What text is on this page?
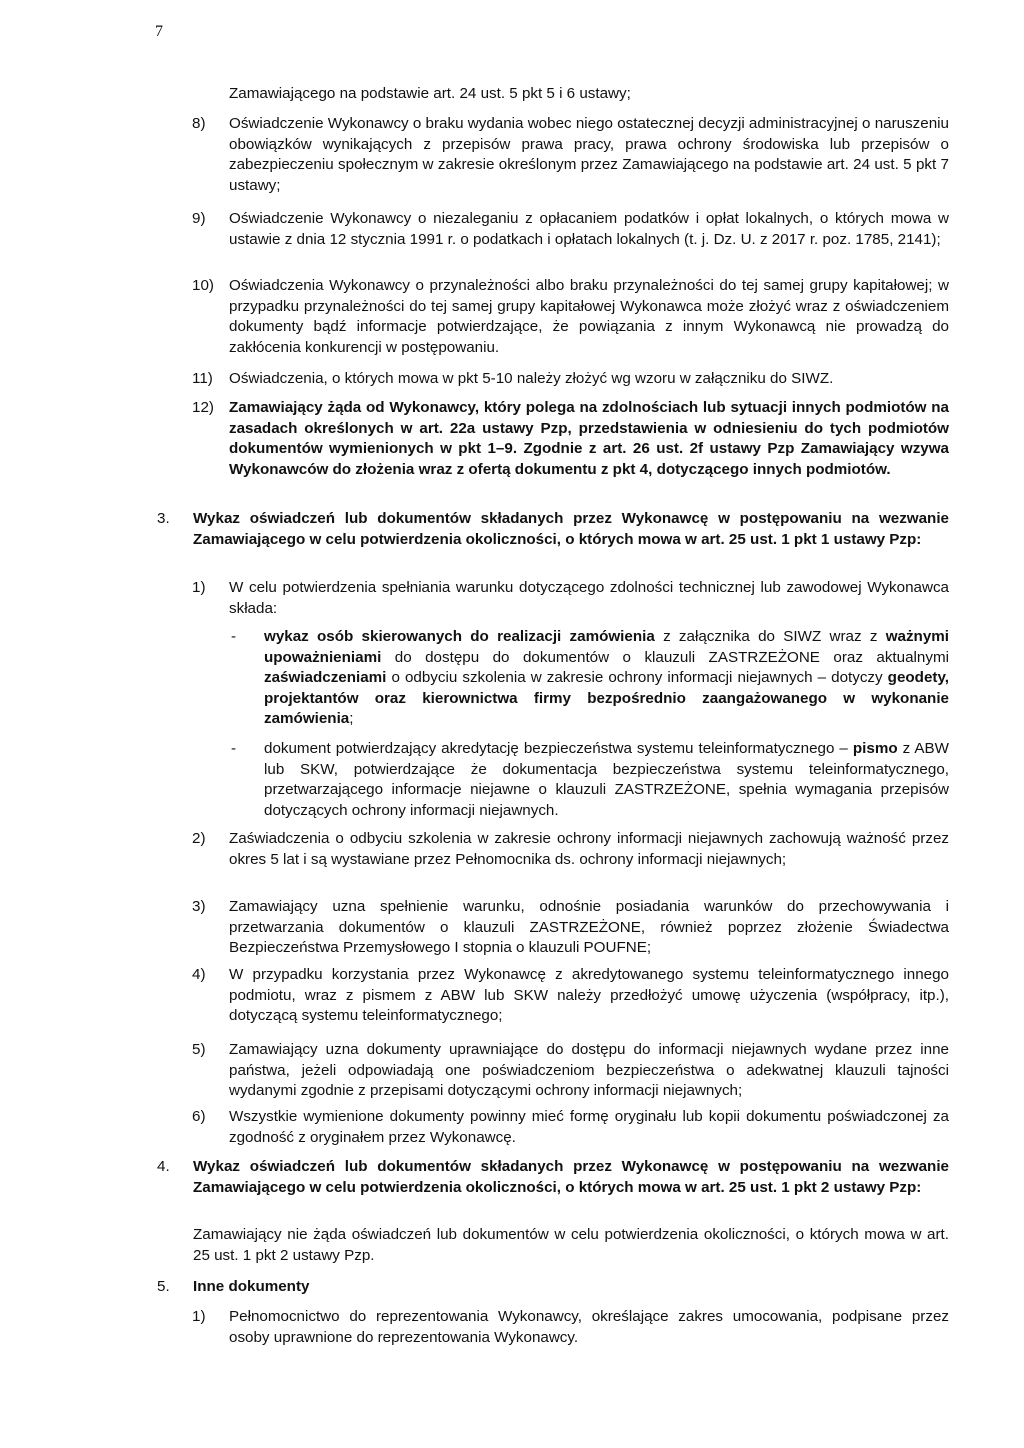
7

Zamawiającego na podstawie art. 24 ust. 5 pkt 5 i 6 ustawy;

8) Oświadczenie Wykonawcy o braku wydania wobec niego ostatecznej decyzji administracyjnej o naruszeniu obowiązków wynikających z przepisów prawa pracy, prawa ochrony środowiska lub przepisów o zabezpieczeniu społecznym w zakresie określonym przez Zamawiającego na podstawie art. 24 ust. 5 pkt 7 ustawy;

9) Oświadczenie Wykonawcy o niezaleganiu z opłacaniem podatków i opłat lokalnych, o których mowa w ustawie z dnia 12 stycznia 1991 r. o podatkach i opłatach lokalnych (t. j. Dz. U. z 2017 r. poz. 1785, 2141);

10) Oświadczenia Wykonawcy o przynależności albo braku przynależności do tej samej grupy kapitałowej; w przypadku przynależności do tej samej grupy kapitałowej Wykonawca może złożyć wraz z oświadczeniem dokumenty bądź informacje potwierdzające, że powiązania z innym Wykonawcą nie prowadzą do zakłócenia konkurencji w postępowaniu.

11) Oświadczenia, o których mowa w pkt 5-10 należy złożyć wg wzoru w załączniku do SIWZ.

12) Zamawiający żąda od Wykonawcy, który polega na zdolnościach lub sytuacji innych podmiotów na zasadach określonych w art. 22a ustawy Pzp, przedstawienia w odniesieniu do tych podmiotów dokumentów wymienionych w pkt 1–9. Zgodnie z art. 26 ust. 2f ustawy Pzp Zamawiający wzywa Wykonawców do złożenia wraz z ofertą dokumentu z pkt 4, dotyczącego innych podmiotów.

3. Wykaz oświadczeń lub dokumentów składanych przez Wykonawcę w postępowaniu na wezwanie Zamawiającego w celu potwierdzenia okoliczności, o których mowa w art. 25 ust. 1 pkt 1 ustawy Pzp:

1) W celu potwierdzenia spełniania warunku dotyczącego zdolności technicznej lub zawodowej Wykonawca składa:

- wykaz osób skierowanych do realizacji zamówienia z załącznika do SIWZ wraz z ważnymi upoważnieniami do dostępu do dokumentów o klauzuli ZASTRZEŻONE oraz aktualnymi zaświadczeniami o odbyciu szkolenia w zakresie ochrony informacji niejawnych – dotyczy geodety, projektantów oraz kierownictwa firmy bezpośrednio zaangażowanego w wykonanie zamówienia;

- dokument potwierdzający akredytację bezpieczeństwa systemu teleinformatycznego – pismo z ABW lub SKW, potwierdzające że dokumentacja bezpieczeństwa systemu teleinformatycznego, przetwarzającego informacje niejawne o klauzuli ZASTRZEŻONE, spełnia wymagania przepisów dotyczących ochrony informacji niejawnych.

2) Zaświadczenia o odbyciu szkolenia w zakresie ochrony informacji niejawnych zachowują ważność przez okres 5 lat i są wystawiane przez Pełnomocnika ds. ochrony informacji niejawnych;

3) Zamawiający uzna spełnienie warunku, odnośnie posiadania warunków do przechowywania i przetwarzania dokumentów o klauzuli ZASTRZEŻONE, również poprzez złożenie Świadectwa Bezpieczeństwa Przemysłowego I stopnia o klauzuli POUFNE;

4) W przypadku korzystania przez Wykonawcę z akredytowanego systemu teleinformatycznego innego podmiotu, wraz z pismem z ABW lub SKW należy przedłożyć umowę użyczenia (współpracy, itp.), dotyczącą systemu teleinformatycznego;

5) Zamawiający uzna dokumenty uprawniające do dostępu do informacji niejawnych wydane przez inne państwa, jeżeli odpowiadają one poświadczeniom bezpieczeństwa o adekwatnej klauzuli tajności wydanymi zgodnie z przepisami dotyczącymi ochrony informacji niejawnych;

6) Wszystkie wymienione dokumenty powinny mieć formę oryginału lub kopii dokumentu poświadczonej za zgodność z oryginałem przez Wykonawcę.

4. Wykaz oświadczeń lub dokumentów składanych przez Wykonawcę w postępowaniu na wezwanie Zamawiającego w celu potwierdzenia okoliczności, o których mowa w art. 25 ust. 1 pkt 2 ustawy Pzp:

Zamawiający nie żąda oświadczeń lub dokumentów w celu potwierdzenia okoliczności, o których mowa w art. 25 ust. 1 pkt 2 ustawy Pzp.

5. Inne dokumenty

1) Pełnomocnictwo do reprezentowania Wykonawcy, określające zakres umocowania, podpisane przez osoby uprawnione do reprezentowania Wykonawcy.
